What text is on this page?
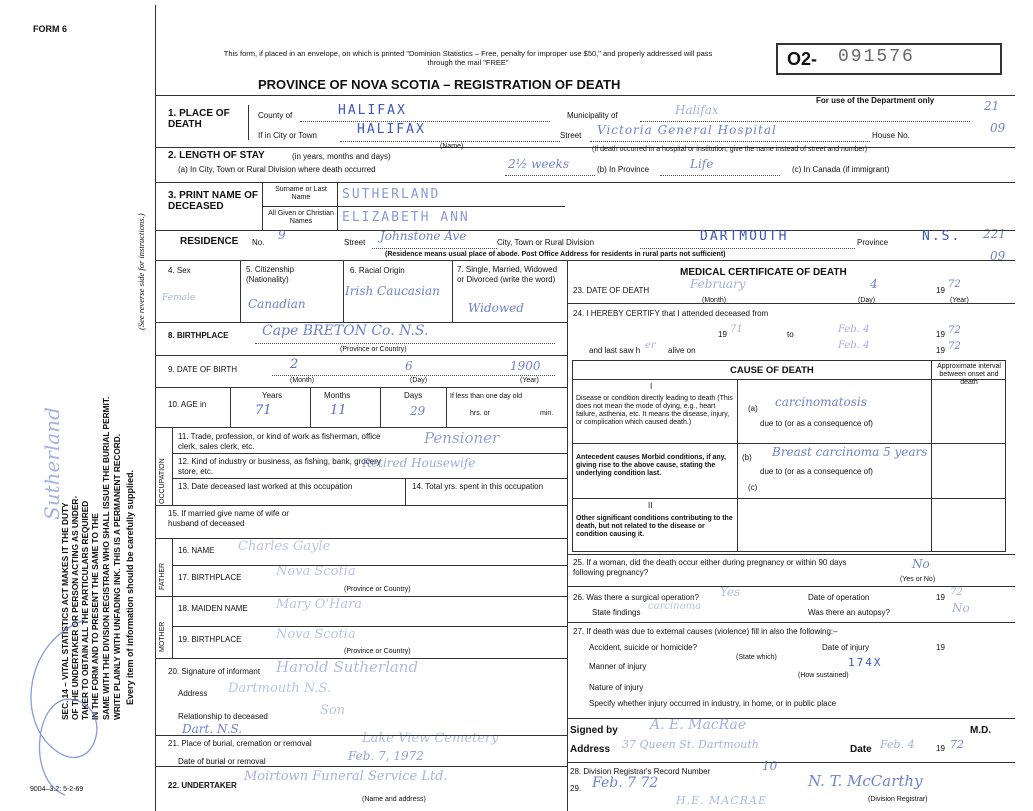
FORM 6
This form, if placed in an envelope, on which is printed "Dominion Statistics – Free, penalty for improper use $50," and properly addressed will pass through the mail "FREE"
PROVINCE OF NOVA SCOTIA – REGISTRATION OF DEATH
O2- 091576
For use of the Department only	21
09
221
09
9004–3.2: 5-2-69
SEC. 14 – VITAL STATISTICS ACT MAKES IT THE DUTY OF THE UNDERTAKER OR PERSON ACTING AS UNDER- TAKER TO OBTAIN ALL THE PARTICULARS REQUIRED IN THE FORM AND TO PRESENT THE SAME TO THE SAME WITH THE DIVISION REGISTRAR WHO SHALL ISSUE THE BURIAL PERMIT. WRITE PLAINLY WITH UNFADING INK. THIS IS A PERMANENT RECORD. Every item of information should be carefully supplied.
(See reverse side for instructions.)
Sutherland
1. PLACE OF DEATH
County of	HALIFAX	Municipality of	Halifax
If in City or Town	HALIFAX
(Name)
Street Victoria General Hospital	House No.
(If death occurred in a hospital or institution, give the name instead of street and number)
2. LENGTH OF STAY	(in years, months and days)
(a) In City, Town or Rural Division where death occurred	2½ weeks	(b) In Province	Life	(c) In Canada (if immigrant)
3. PRINT NAME OF DECEASED
Surname or Last Name
All Given or Christian Names
SUTHERLAND
ELIZABETH ANN
RESIDENCE No.
9
Street Johnstone Ave	City, Town or Rural Division	DARTMOUTH	Province	N.S.
(Residence means usual place of abode. Post Office Address for residents in rural parts not sufficient)
4. Sex
Female
5. Citizenship (Nationality)
Canadian
6. Racial Origin
Irish Caucasian
7. Single, Married, Widowed or Divorced (write the word)
Widowed
8. BIRTHPLACE Cape BRETON Co. N.S.
(Province or Country)
9. DATE OF BIRTH	2	6	1900
(Month)	(Day)	(Year)
10. AGE in
Years	Months	Days
71	11	29
If less than one day old
hrs. or	min.
OCCUPATION
11. Trade, profession, or kind of work as fisherman, office clerk, sales clerk, etc.	Pensioner
12. Kind of industry or business, as fishing, bank, grocery store, etc.
Retired Housewife
13. Date deceased last worked at this occupation	14. Total yrs. spent in this occupation
15. If married give name of wife or husband of deceased
FATHER
MOTHER
16. NAME Charles Gayle
17. BIRTHPLACE	Nova Scotia
(Province or Country)
18. MAIDEN NAME Mary O'Hara
19. BIRTHPLACE	Nova Scotia
(Province or Country)
20. Signature of informant Harold Sutherland
Address Dartmouth N.S.
Relationship to deceased	Son
Dart. N.S.
21. Place of burial, cremation or removal	Lake View Cemetery
Date of burial or removal	Feb. 7, 1972
22. UNDERTAKER
Moirtown Funeral Service Ltd.
(Name and address)
MEDICAL CERTIFICATE OF DEATH
23. DATE OF DEATH	February	4	19
72
(Month)	(Day)	(Year)
24. I HEREBY CERTIFY that I attended deceased from
19 71	to	Feb. 4	19 72
and last saw h er alive on	Feb. 4	19 72
CAUSE OF DEATH	Approximate interval between onset and death
I
Disease or condition directly leading to death (This does not mean the mode of dying, e.g., heart failure, asthenia, etc. It means the disease, injury, or complication which caused death.)
(a) carcinomatosis
due to (or as a consequence of)
Antecedent causes Morbid conditions, if any, giving rise to the above cause, stating the underlying condition last.
(b) Breast carcinoma 5 years
due to (or as a consequence of)
(c)
II
Other significant conditions contributing to the death, but not related to the disease or condition causing it.
25. If a woman, did the death occur either during pregnancy or within 90 days following pregnancy?
No
(Yes or No)
26. Was there a surgical operation? Yes	Date of operation	19 72
State findings
carcinoma
Was there an autopsy?	No
27. If death was due to external causes (violence) fill in also the following:–
Accident, suicide or homicide?
(State which)
Date of injury	19
Manner of injury	174X
(How sustained)
Nature of injury
Specify whether injury occurred in industry, in home, or in public place
Signed by A. E. MacRae	M.D.
Address 37 Queen St. Dartmouth	Date Feb. 4	19 72
28. Division Registrar's Record Number	10
29. Feb. 7 72	N. T. McCarthy
(Division Registrar)
H.E. MACRAE
